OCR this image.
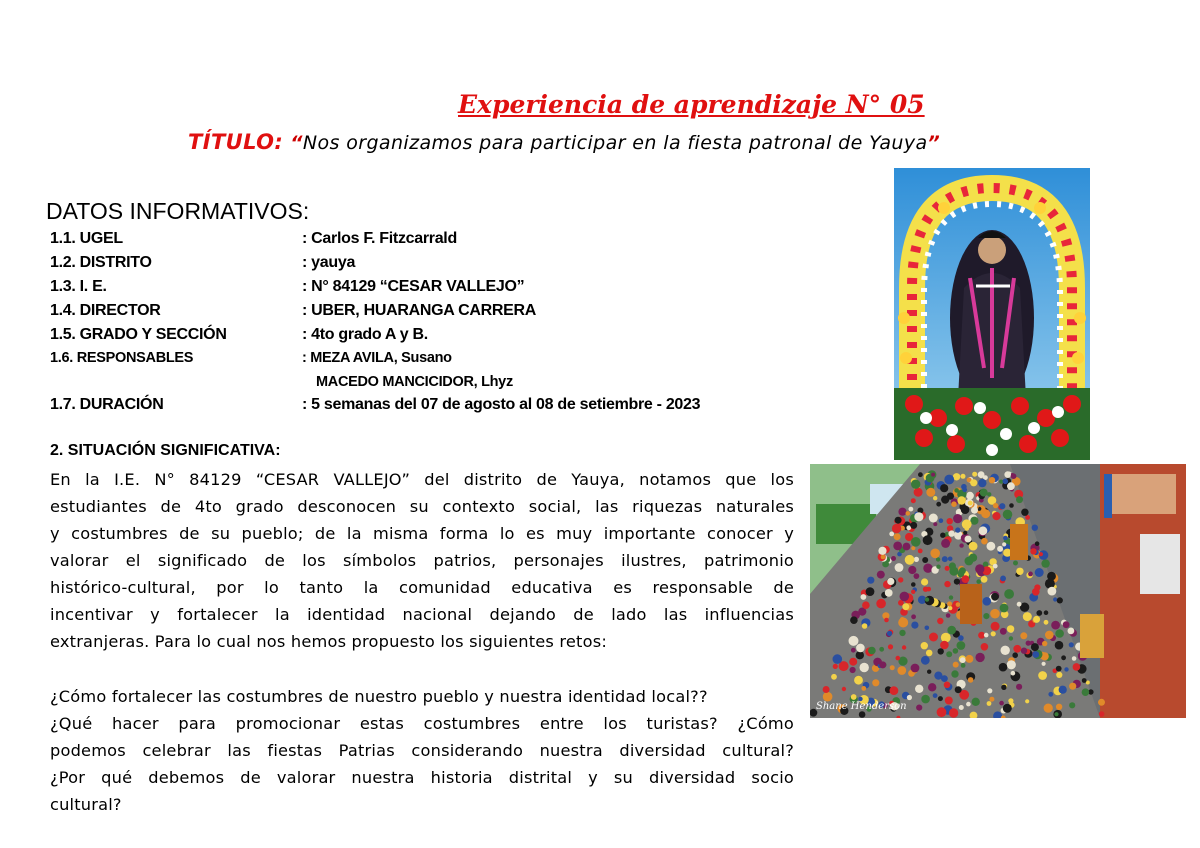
Experiencia de aprendizaje N° 05
TÍTULO: “Nos organizamos para participar en la fiesta patronal de Yauya”
DATOS INFORMATIVOS:
1.1. UGEL	: Carlos F. Fitzcarrald
1.2. DISTRITO	: yauya
1.3. I. E.	: N° 84129 “CESAR VALLEJO”
1.4. DIRECTOR	: UBER, HUARANGA CARRERA
1.5. GRADO Y SECCIÓN	: 4to grado A y B.
1.6. RESPONSABLES	: MEZA AVILA, Susano
MACEDO MANCICIDOR, Lhyz
1.7. DURACIÓN	: 5 semanas del 07 de agosto al 08 de setiembre - 2023
2. SITUACIÓN SIGNIFICATIVA:
En la I.E. N° 84129 “CESAR VALLEJO” del distrito de Yauya, notamos que los
estudiantes de 4to grado desconocen su contexto social, las riquezas naturales
y costumbres de su pueblo; de la misma forma lo es muy importante conocer y
valorar el significado de los símbolos patrios, personajes ilustres, patrimonio
histórico-cultural, por lo tanto la comunidad educativa es responsable de
incentivar y fortalecer la identidad nacional dejando de lado las influencias
extranjeras. Para lo cual nos hemos propuesto los siguientes retos:
¿Cómo fortalecer las costumbres de nuestro pueblo y nuestra identidad local??
¿Qué hacer para promocionar estas costumbres entre los turistas? ¿Cómo
podemos celebrar las fiestas Patrias considerando nuestra diversidad cultural?
¿Por qué debemos de valorar nuestra historia distrital y su diversidad socio
cultural?
Shane Henderson
